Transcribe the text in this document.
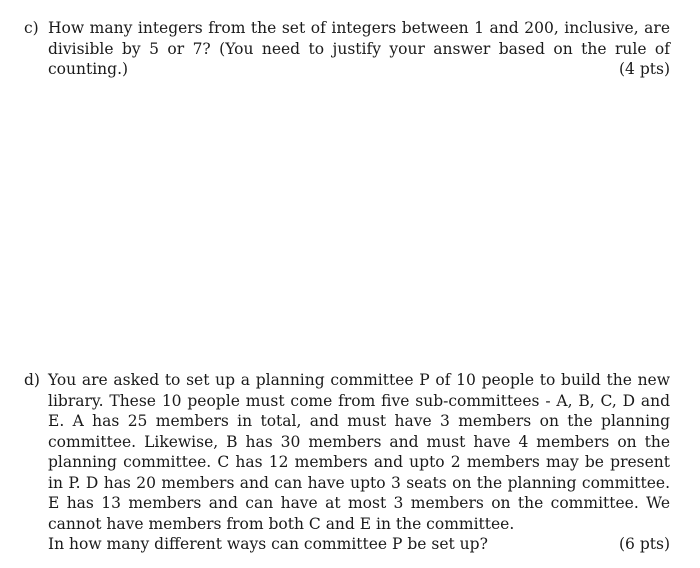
c) How many integers from the set of integers between 1 and 200, inclusive, are divisible by 5 or 7? (You need to justify your answer based on the rule of counting.)	(4 pts)
d) You are asked to set up a planning committee P of 10 people to build the new library. These 10 people must come from five sub-committees - A, B, C, D and E. A has 25 members in total, and must have 3 members on the planning committee. Likewise, B has 30 members and must have 4 members on the planning committee. C has 12 members and upto 2 members may be present in P. D has 20 members and can have upto 3 seats on the planning committee. E has 13 members and can have at most 3 members on the committee. We cannot have members from both C and E in the committee.
In how many different ways can committee P be set up?	(6 pts)
